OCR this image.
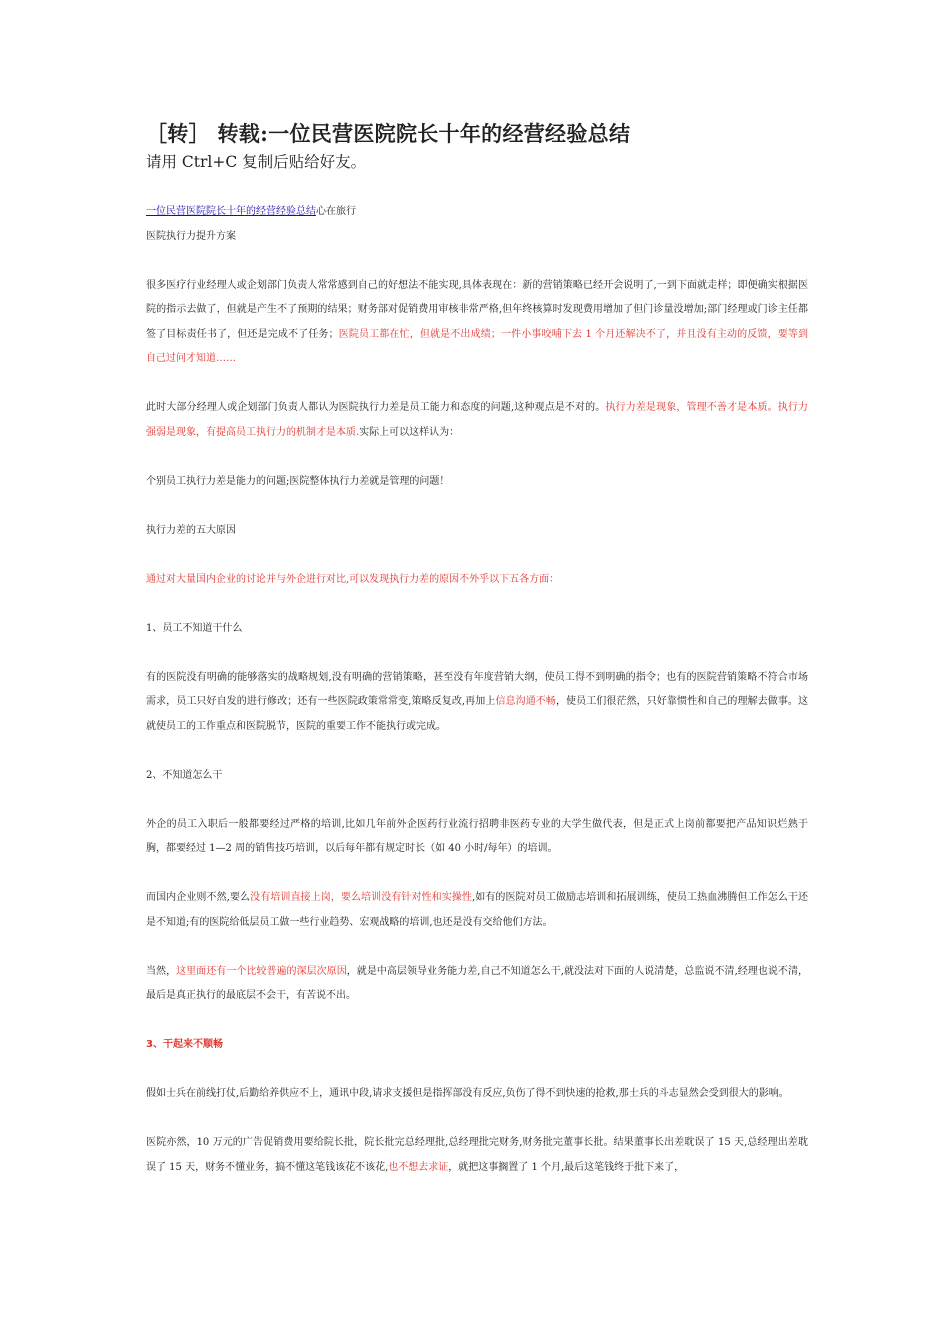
［转］ 转载:一位民营医院院长十年的经营经验总结

请用 Ctrl+C 复制后贴给好友。

一位民营医院院长十年的经营经验总结心在旅行

医院执行力提升方案

很多医疗行业经理人或企划部门负责人常常感到自己的好想法不能实现,具体表现在：新的营销策略已经开会说明了,一到下面就走样；即便确实根据医院的指示去做了，但就是产生不了预期的结果；财务部对促销费用审核非常严格,但年终核算时发现费用增加了但门诊量没增加;部门经理或门诊主任都签了目标责任书了，但还是完成不了任务；医院员工都在忙，但就是不出成绩；一件小事咬哺下去 1 个月还解决不了，并且没有主动的反馈，要等到自己过问才知道……

此时大部分经理人或企划部门负责人都认为医院执行力差是员工能力和态度的问题,这种观点是不对的。执行力差是现象，管理不善才是本质。执行力强弱是现象，有提高员工执行力的机制才是本质.实际上可以这样认为：

个别员工执行力差是能力的问题;医院整体执行力差就是管理的问题！

执行力差的五大原因

通过对大量国内企业的讨论并与外企进行对比,可以发现执行力差的原因不外乎以下五各方面：

1、员工不知道干什么

有的医院没有明确的能够落实的战略规划,没有明确的营销策略，甚至没有年度营销大纲，使员工得不到明确的指令；也有的医院营销策略不符合市场需求，员工只好自发的进行修改；还有一些医院政策常常变,策略反复改,再加上信息沟通不畅，使员工们很茫然，只好靠惯性和自己的理解去做事。这就使员工的工作重点和医院脱节，医院的重要工作不能执行或完成。

2、不知道怎么干

外企的员工入职后一般都要经过严格的培训,比如几年前外企医药行业流行招聘非医药专业的大学生做代表，但是正式上岗前都要把产品知识烂熟于胸，都要经过 1—2 周的销售技巧培训，以后每年都有规定时长（如 40 小时/每年）的培训。

而国内企业则不然,要么没有培训直接上岗，要么培训没有针对性和实操性,如有的医院对员工做励志培训和拓展训练，使员工热血沸腾但工作怎么干还是不知道;有的医院给低层员工做一些行业趋势、宏观战略的培训,也还是没有交给他们方法。

当然，这里面还有一个比较普遍的深层次原因，就是中高层领导业务能力差,自己不知道怎么干,就没法对下面的人说清楚，总监说不清,经理也说不清，最后是真正执行的最底层不会干，有苦说不出。

3、干起来不顺畅

假如士兵在前线打仗,后勤给养供应不上，通讯中段,请求支援但是指挥部没有反应,负伤了得不到快速的抢救,那士兵的斗志显然会受到很大的影响。

医院亦然，10 万元的广告促销费用要给院长批，院长批完总经理批,总经理批完财务,财务批完董事长批。结果董事长出差耽误了 15 天,总经理出差耽误了 15 天，财务不懂业务，搞不懂这笔钱该花不该花,也不想去求证，就把这事搁置了 1 个月,最后这笔钱终于批下来了，
